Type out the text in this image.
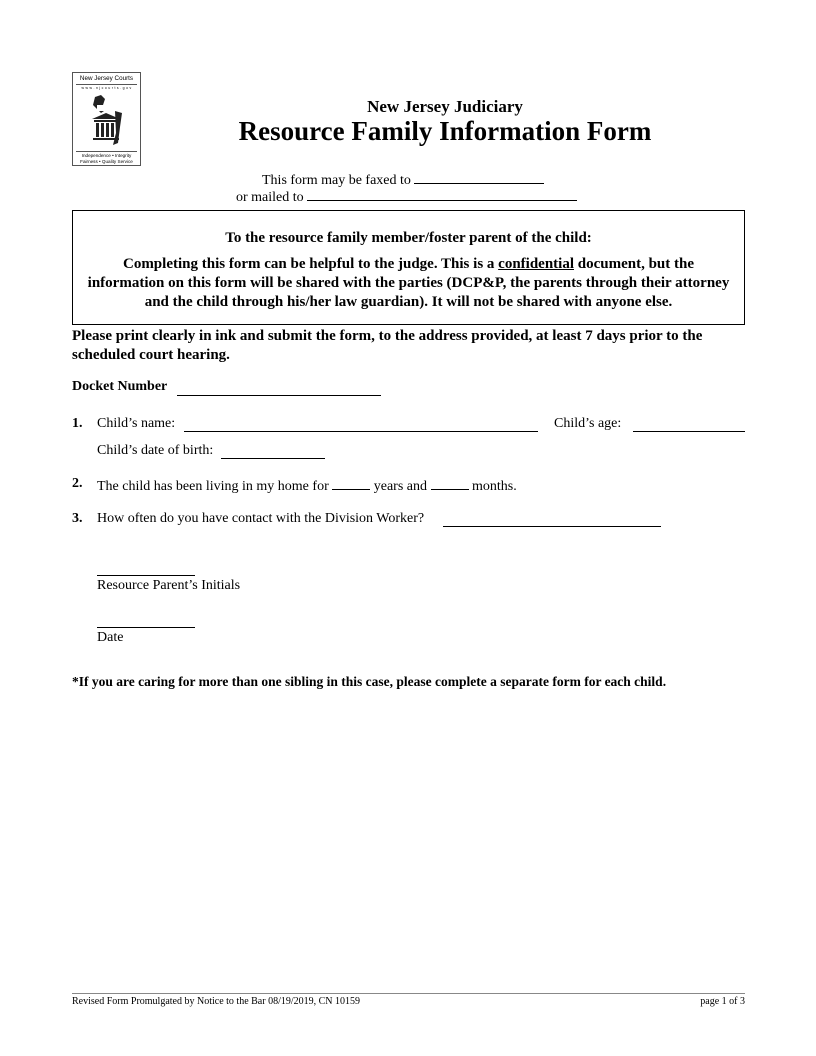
New Jersey Courts
w w w . n j c o u r t s . g o v
Independence • Integrity
Fairness • Quality Service
New Jersey Judiciary
Resource Family Information Form
This form may be faxed to
or mailed to
To the resource family member/foster parent of the child:
Completing this form can be helpful to the judge. This is a confidential document, but the information on this form will be shared with the parties (DCP&P, the parents through their attorney and the child through his/her law guardian). It will not be shared with anyone else.
Please print clearly in ink and submit the form, to the address provided, at least 7 days prior to the scheduled court hearing.
Docket Number
1. Child’s name:	Child’s age:
Child’s date of birth:
2. The child has been living in my home for	years and	months.
3. How often do you have contact with the Division Worker?
Resource Parent’s Initials
Date
*If you are caring for more than one sibling in this case, please complete a separate form for each child.
Revised Form Promulgated by Notice to the Bar 08/19/2019, CN 10159	page 1 of 3
